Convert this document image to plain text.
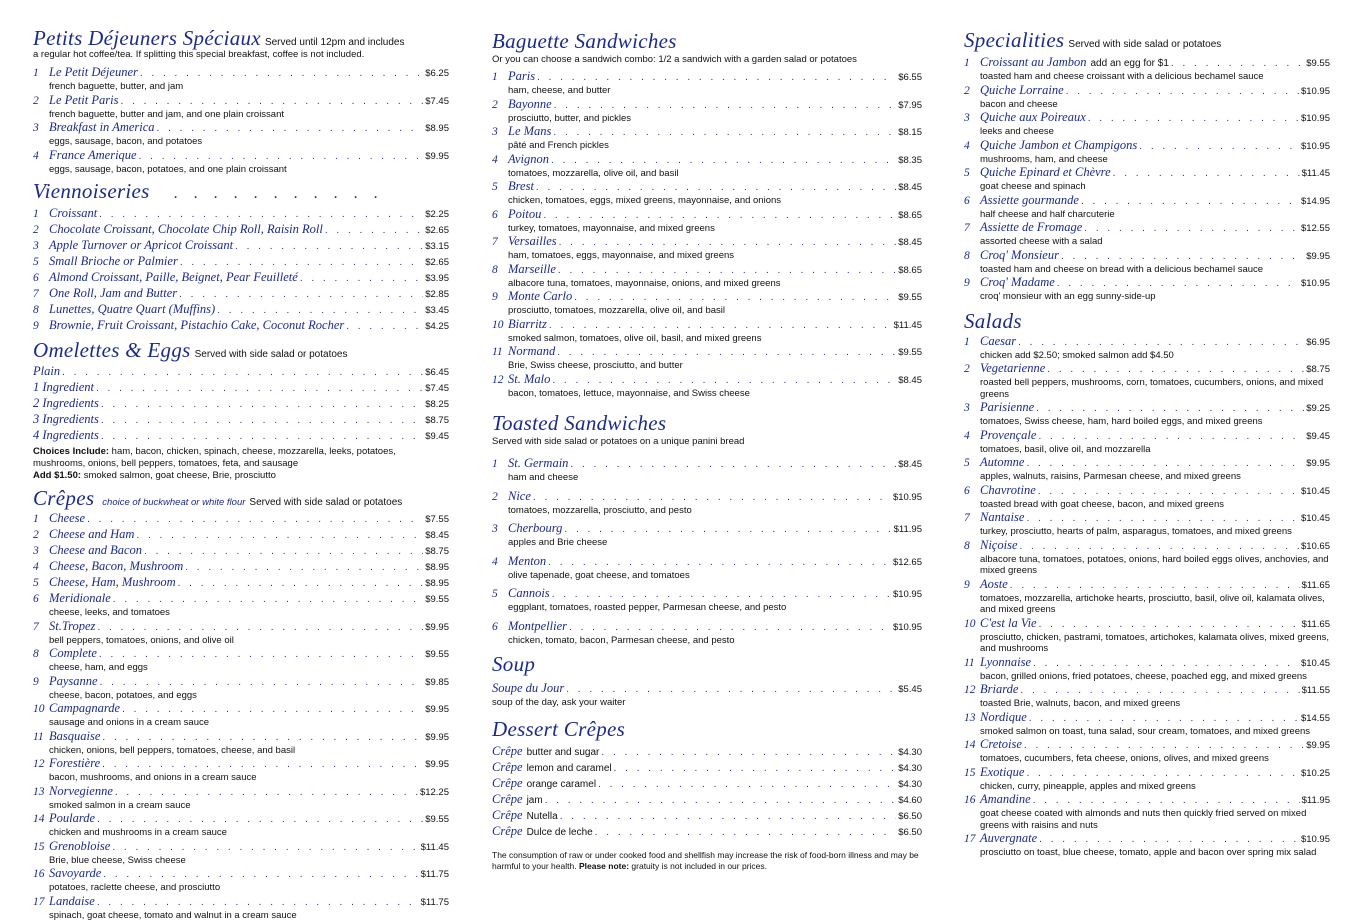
Petits Déjeuners Spéciaux Served until 12pm and includes
a regular hot coffee/tea. If splitting this special breakfast, coffee is not included.
1 Le Petit Déjeuner . . .	$6.25
french baguette, butter, and jam
2 Le Petit Paris . . .	$7.45
french baguette, butter and jam, and one plain croissant
3 Breakfast in America . . .	$8.95
eggs, sausage, bacon, and potatoes
4 France Amerique . . .	$9.95
eggs, sausage, bacon, potatoes, and one plain croissant
Viennoiseries   . . . . . . . . . . .
1 Croissant . . .	$2.25
2 Chocolate Croissant, Chocolate Chip Roll, Raisin Roll . . .	$2.65
3 Apple Turnover or Apricot Croissant . . .	$3.15
5 Small Brioche or Palmier . . .	$2.65
6 Almond Croissant, Paille, Beignet, Pear Feuilleté . . .	$3.95
7 One Roll, Jam and Butter . . .	$2.85
8 Lunettes, Quatre Quart (Muffins) . . .	$3.45
9 Brownie, Fruit Croissant, Pistachio Cake, Coconut Rocher . . .	$4.25
Omelettes & Eggs Served with side salad or potatoes
Plain . . .	$6.45
1 Ingredient . . .	$7.45
2 Ingredients . . .	$8.25
3 Ingredients . . .	$8.75
4 Ingredients . . .	$9.45
Choices Include: ham, bacon, chicken, spinach, cheese, mozzarella, leeks, potatoes, mushrooms, onions, bell peppers, tomatoes, feta, and sausage
Add $1.50: smoked salmon, goat cheese, Brie, prosciutto
Crêpes choice of buckwheat or white flour Served with side salad or potatoes
1 Cheese . . .	$7.55
2 Cheese and Ham . . .	$8.45
3 Cheese and Bacon . . .	$8.75
4 Cheese, Bacon, Mushroom . . .	$8.95
5 Cheese, Ham, Mushroom . . .	$8.95
6 Meridionale . . .	$9.55
cheese, leeks, and tomatoes
7 St.Tropez . . .	$9.95
bell peppers, tomatoes, onions, and olive oil
8 Complete . . .	$9.55
cheese, ham, and eggs
9 Paysanne . . .	$9.85
cheese, bacon, potatoes, and eggs
10 Campagnarde . . .	$9.95
sausage and onions in a cream sauce
11 Basquaise . . .	$9.95
chicken, onions, bell peppers, tomatoes, cheese, and basil
12 Forestière . . .	$9.95
bacon, mushrooms, and onions in a cream sauce
13 Norvegienne . . .	$12.25
smoked salmon in a cream sauce
14 Poularde . . .	$9.55
chicken and mushrooms in a cream sauce
15 Grenobloise . . .	$11.45
Brie, blue cheese, Swiss cheese
16 Savoyarde . . .	$11.75
potatoes, raclette cheese, and prosciutto
17 Landaise . . .	$11.75
spinach, goat cheese, tomato and walnut in a cream sauce
Baguette Sandwiches
Or you can choose a sandwich combo: 1/2 a sandwich with a garden salad or potatoes
1 Paris . . .	$6.55
ham, cheese, and butter
2 Bayonne . . .	$7.95
prosciutto, butter, and pickles
3 Le Mans . . .	$8.15
pâté and French pickles
4 Avignon . . .	$8.35
tomatoes, mozzarella, olive oil, and basil
5 Brest . . .	$8.45
chicken, tomatoes, eggs, mixed greens, mayonnaise, and onions
6 Poitou . . .	$8.65
turkey, tomatoes, mayonnaise, and mixed greens
7 Versailles . . .	$8.45
ham, tomatoes, eggs, mayonnaise, and mixed greens
8 Marseille . . .	$8.65
albacore tuna, tomatoes, mayonnaise, onions, and mixed greens
9 Monte Carlo . . .	$9.55
prosciutto, tomatoes, mozzarella, olive oil, and basil
10 Biarritz . . .	$11.45
smoked salmon, tomatoes, olive oil, basil, and mixed greens
11 Normand . . .	$9.55
Brie, Swiss cheese, prosciutto, and butter
12 St. Malo . . .	$8.45
bacon, tomatoes, lettuce, mayonnaise, and Swiss cheese
Toasted Sandwiches
Served with side salad or potatoes on a unique panini bread
1 St. Germain . . .	$8.45
ham and cheese
2 Nice . . .	$10.95
tomatoes, mozzarella, prosciutto, and pesto
3 Cherbourg . . .	$11.95
apples and Brie cheese
4 Menton . . .	$12.65
olive tapenade, goat cheese, and tomatoes
5 Cannois . . .	$10.95
eggplant, tomatoes, roasted pepper, Parmesan cheese, and pesto
6 Montpellier . . .	$10.95
chicken, tomato, bacon, Parmesan cheese, and pesto
Soup
Soupe du Jour . . .	$5.45
soup of the day, ask your waiter
Dessert Crêpes
Crêpe butter and sugar . . .	$4.30
Crêpe lemon and caramel . . .	$4.30
Crêpe orange caramel . . .	$4.30
Crêpe jam . . .	$4.60
Crêpe Nutella . . .	$6.50
Crêpe Dulce de leche . . .	$6.50
The consumption of raw or under cooked food and shellfish may increase the risk of food-born illness and may be harmful to your health. Please note: gratuity is not included in our prices.
Specialities Served with side salad or potatoes
1 Croissant au Jambon add an egg for $1 . . .	$9.55
toasted ham and cheese croissant with a delicious bechamel sauce
2 Quiche Lorraine . . .	$10.95
bacon and cheese
3 Quiche aux Poireaux . . .	$10.95
leeks and cheese
4 Quiche Jambon et Champigons . . .	$10.95
mushrooms, ham, and cheese
5 Quiche Epinard et Chèvre . . .	$11.45
goat cheese and spinach
6 Assiette gourmande . . .	$14.95
half cheese and half charcuterie
7 Assiette de Fromage . . .	$12.55
assorted cheese with a salad
8 Croq' Monsieur . . .	$9.95
toasted ham and cheese on bread with a delicious bechamel sauce
9 Croq' Madame . . .	$10.95
croq' monsieur with an egg sunny-side-up
Salads
1 Caesar . . .	$6.95
chicken add $2.50; smoked salmon add $4.50
2 Vegetarienne . . .	$8.75
roasted bell peppers, mushrooms, corn, tomatoes, cucumbers, onions, and mixed greens
3 Parisienne . . .	$9.25
tomatoes, Swiss cheese, ham, hard boiled eggs, and mixed greens
4 Provençale . . .	$9.45
tomatoes, basil, olive oil, and mozzarella
5 Automne . . .	$9.95
apples, walnuts, raisins, Parmesan cheese, and mixed greens
6 Chavrotine . . .	$10.45
toasted bread with goat cheese, bacon, and mixed greens
7 Nantaise . . .	$10.45
turkey, prosciutto, hearts of palm, asparagus, tomatoes, and mixed greens
8 Niçoise . . .	$10.65
albacore tuna, tomatoes, potatoes, onions, hard boiled eggs olives, anchovies, and mixed greens
9 Aoste . . .	$11.65
tomatoes, mozzarella, artichoke hearts, prosciutto, basil, olive oil, kalamata olives, and mixed greens
10 C'est la Vie . . .	$11.65
prosciutto, chicken, pastrami, tomatoes, artichokes, kalamata olives, mixed greens, and mushrooms
11 Lyonnaise . . .	$10.45
bacon, grilled onions, fried potatoes, cheese, poached egg, and mixed greens
12 Briarde . . .	$11.55
toasted Brie, walnuts, bacon, and mixed greens
13 Nordique . . .	$14.55
smoked salmon on toast, tuna salad, sour cream, tomatoes, and mixed greens
14 Cretoise . . .	$9.95
tomatoes, cucumbers, feta cheese, onions, olives, and mixed greens
15 Exotique . . .	$10.25
chicken, curry, pineapple, apples and mixed greens
16 Amandine . . .	$11.95
goat cheese coated with almonds and nuts then quickly fried served on mixed greens with raisins and nuts
17 Auvergnate . . .	$10.95
prosciutto on toast, blue cheese, tomato, apple and bacon over spring mix salad
